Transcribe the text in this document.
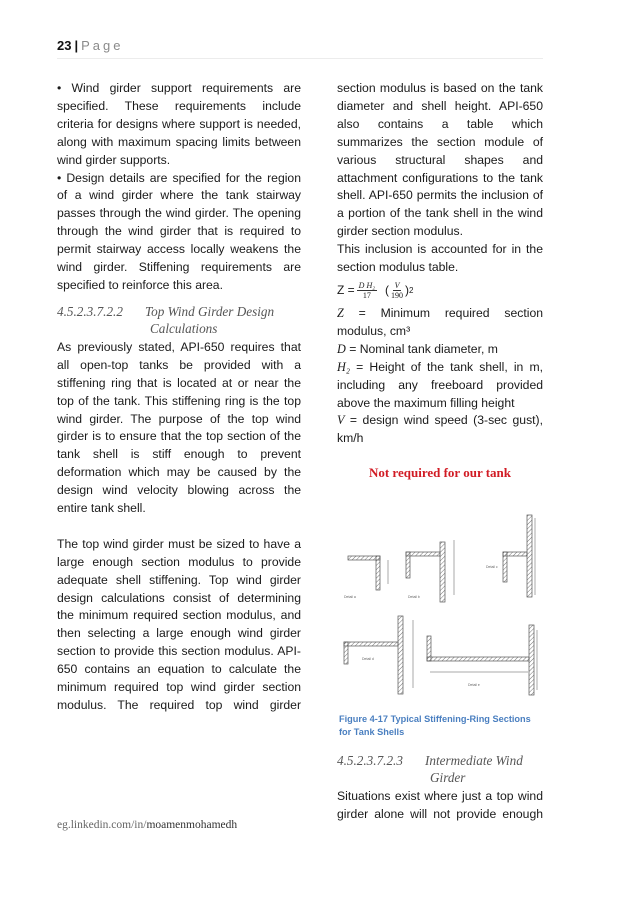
23 | Page

• Wind girder support requirements are specified. These requirements include criteria for designs where support is needed, along with maximum spacing limits between wind girder supports.

• Design details are specified for the region of a wind girder where the tank stairway passes through the wind girder. The opening through the wind girder that is required to permit stairway access locally weakens the wind girder. Stiffening requirements are specified to reinforce this area.

4.5.2.3.7.2.2 Top Wind Girder Design
Calculations

As previously stated, API-650 requires that all open-top tanks be provided with a stiffening ring that is located at or near the top of the tank. This stiffening ring is the top wind girder. The purpose of the top wind girder is to ensure that the top section of the tank shell is stiff enough to prevent deformation which may be caused by the design wind velocity blowing across the entire tank shell.

The top wind girder must be sized to have a large enough section modulus to provide adequate shell stiffening. Top wind girder design calculations consist of determining the minimum required section modulus, and then selecting a large enough wind girder section to provide this section modulus. API-650 contains an equation to calculate the minimum required top wind girder section modulus. The required top wind girder

section modulus is based on the tank diameter and shell height. API-650 also contains a table which summarizes the section module of various structural shapes and attachment configurations to the tank shell. API-650 permits the inclusion of a portion of the tank shell in the wind girder section modulus.

This inclusion is accounted for in the section modulus table.

$Z = \frac{\text{D H₂}}{17}$ ( $\frac{V}{190}$ ) 2

Z = Minimum required section modulus, cm³

D = Nominal tank diameter, m

H₂ = Height of the tank shell, in m, including any freeboard provided above the maximum filling height

V = design wind speed (3-sec gust), km/h

Not required for our tank

Detail a	Detail b
Detail c
Detail d
Detail e
Figure 4-17 Typical Stiffening-Ring Sections for Tank Shells
4.5.2.3.7.2.3 Intermediate Wind
Girder

Situations exist where just a top wind girder alone will not provide enough

eg.linkedin.com/in/moamenmohamedh
